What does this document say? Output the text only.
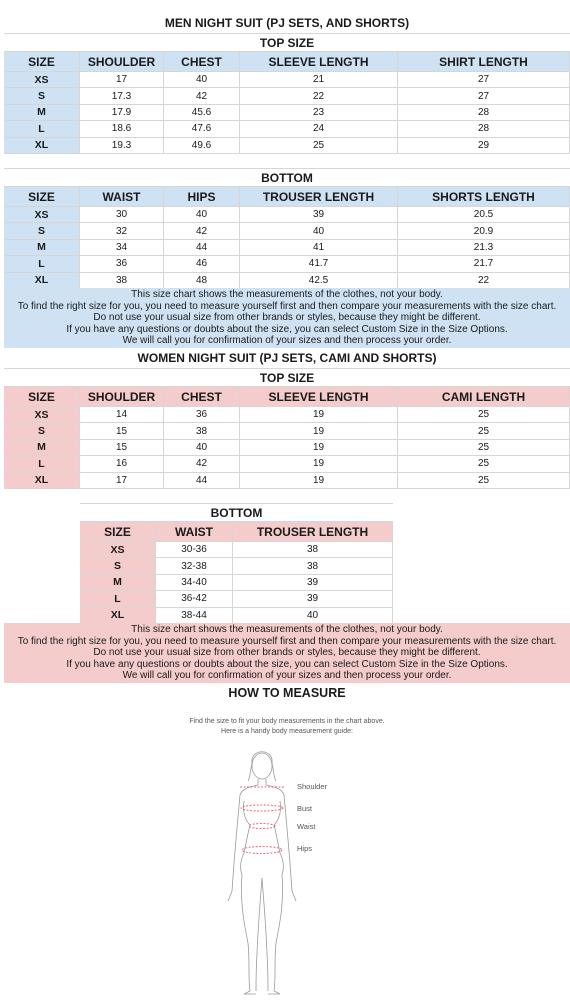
MEN NIGHT SUIT (PJ SETS, AND SHORTS)
TOP SIZE
SIZE	SHOULDER	CHEST	SLEEVE LENGTH	SHIRT LENGTH
XS	17	40	21	27
S	17.3	42	22	27
M	17.9	45.6	23	28
L	18.6	47.6	24	28
XL	19.3	49.6	25	29
BOTTOM
SIZE	WAIST	HIPS	TROUSER LENGTH	SHORTS LENGTH
XS	30	40	39	20.5
S	32	42	40	20.9
M	34	44	41	21.3
L	36	46	41.7	21.7
XL	38	48	42.5	22
This size chart shows the measurements of the clothes, not your body.
To find the right size for you, you need to measure yourself first and then compare your measurements with the size chart.
Do not use your usual size from other brands or styles, because they might be different.
If you have any questions or doubts about the size, you can select Custom Size in the Size Options.
We will call you for confirmation of your sizes and then process your order.
WOMEN NIGHT SUIT (PJ SETS, CAMI AND SHORTS)
TOP SIZE
SIZE	SHOULDER	CHEST	SLEEVE LENGTH	CAMI LENGTH
XS	14	36	19	25
S	15	38	19	25
M	15	40	19	25
L	16	42	19	25
XL	17	44	19	25
BOTTOM
SIZE	WAIST	TROUSER LENGTH
XS	30-36	38
S	32-38	38
M	34-40	39
L	36-42	39
XL	38-44	40
This size chart shows the measurements of the clothes, not your body.
To find the right size for you, you need to measure yourself first and then compare your measurements with the size chart.
Do not use your usual size from other brands or styles, because they might be different.
If you have any questions or doubts about the size, you can select Custom Size in the Size Options.
We will call you for confirmation of your sizes and then process your order.
HOW TO MEASURE
Find the size to fit your body measurements in the chart above.
Here is a handy body measurement guide:
Shoulder
Bust
Waist
Hips
